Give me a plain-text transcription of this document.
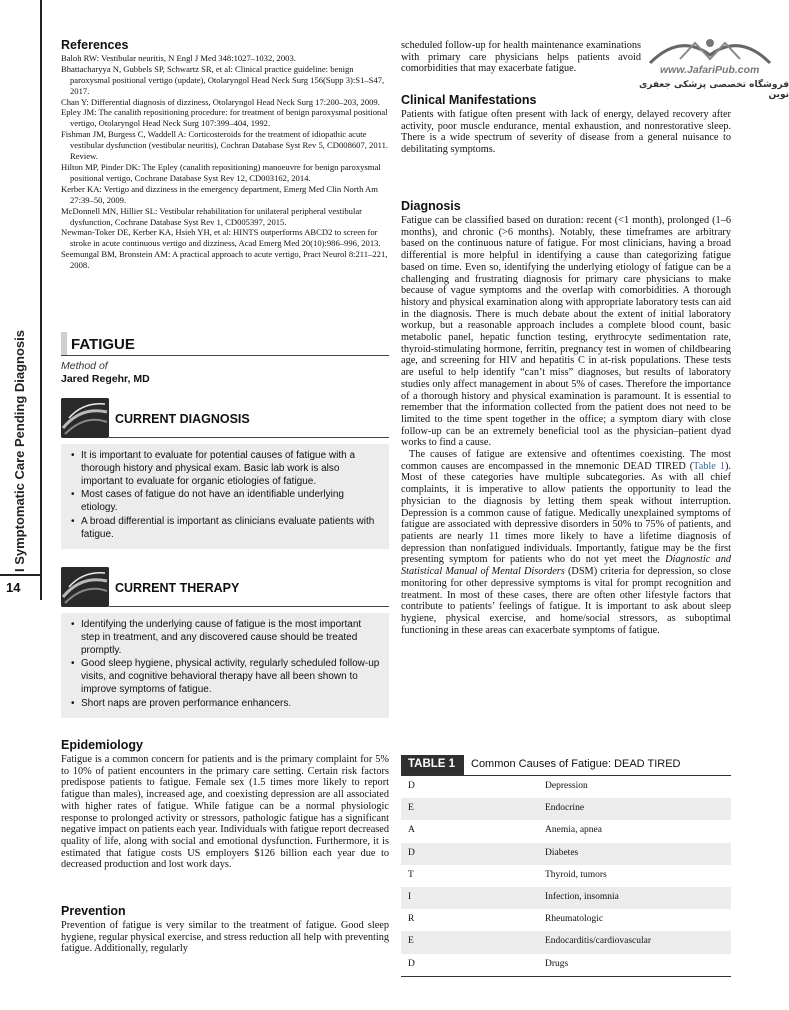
I Symptomatic Care Pending Diagnosis
14
www.JafariPub.com
فروشگاه تخصصی پزشکی جعفری نوین
References
Baloh RW: Vestibular neuritis, N Engl J Med 348:1027–1032, 2003.
Bhattacharyya N, Gubbels SP, Schwartz SR, et al: Clinical practice guideline: benign paroxysmal positional vertigo (update), Otolaryngol Head Neck Surg 156(Supp 3):S1–S47, 2017.
Chan Y: Differential diagnosis of dizziness, Otolaryngol Head Neck Surg 17:200–203, 2009.
Epley JM: The canalith repositioning procedure: for treatment of benign paroxysmal positional vertigo, Otolaryngol Head Neck Surg 107:399–404, 1992.
Fishman JM, Burgess C, Waddell A: Corticosteroids for the treatment of idiopathic acute vestibular dysfunction (vestibular neuritis), Cochran Database Syst Rev 5, CD008607, 2011. Review.
Hilton MP, Pinder DK: The Epley (canalith repositioning) manoeuvre for benign paroxysmal positional vertigo, Cochrane Database Syst Rev 12, CD003162, 2014.
Kerber KA: Vertigo and dizziness in the emergency department, Emerg Med Clin North Am 27:39–50, 2009.
McDonnell MN, Hillier SL: Vestibular rehabilitation for unilateral peripheral vestibular dysfunction, Cochrane Database Syst Rev 1, CD005397, 2015.
Newman-Toker DE, Kerber KA, Hsieh YH, et al: HINTS outperforms ABCD2 to screen for stroke in acute continuous vertigo and dizziness, Acad Emerg Med 20(10):986–996, 2013.
Seemungal BM, Bronstein AM: A practical approach to acute vertigo, Pract Neurol 8:211–221, 2008.
FATIGUE
Method of
Jared Regehr, MD
CURRENT DIAGNOSIS
• It is important to evaluate for potential causes of fatigue with a thorough history and physical exam. Basic lab work is also important to evaluate for organic etiologies of fatigue.
• Most cases of fatigue do not have an identifiable underlying etiology.
• A broad differential is important as clinicians evaluate patients with fatigue.
CURRENT THERAPY
• Identifying the underlying cause of fatigue is the most important step in treatment, and any discovered cause should be treated promptly.
• Good sleep hygiene, physical activity, regularly scheduled follow-up visits, and cognitive behavioral therapy have all been shown to improve symptoms of fatigue.
• Short naps are proven performance enhancers.
Epidemiology

Fatigue is a common concern for patients and is the primary complaint for 5% to 10% of patient encounters in the primary care setting. Certain risk factors predispose patients to fatigue. Female sex (1.5 times more likely to report fatigue than males), increased age, and coexisting depression are all associated with higher rates of fatigue. While fatigue can be a normal physiologic response to prolonged activity or stressors, pathologic fatigue has a significant negative impact on patients each year. Individuals with fatigue report decreased quality of life, along with social and emotional dysfunction. Furthermore, it is estimated that fatigue costs US employers $126 billion each year due to decreased production and lost work days.

Prevention

Prevention of fatigue is very similar to the treatment of fatigue. Good sleep hygiene, regular physical exercise, and stress reduction all help with preventing fatigue. Additionally, regularly

scheduled follow-up for health maintenance examinations with primary care physicians helps patients avoid comorbidities that may exacerbate fatigue.

Clinical Manifestations

Patients with fatigue often present with lack of energy, delayed recovery after activity, poor muscle endurance, mental exhaustion, and nonrestorative sleep. There is a wide spectrum of severity of disease from a general nuisance to debilitating symptoms.

Diagnosis

Fatigue can be classified based on duration: recent (<1 month), prolonged (1–6 months), and chronic (>6 months). Notably, these timeframes are arbitrary based on the continuous nature of fatigue. For most clinicians, having a broad differential is more helpful in identifying a cause than categorizing fatigue based on time. Even so, identifying the underlying etiology of fatigue can be a challenging and frustrating diagnosis for primary care physicians to make because of vague symptoms and the overlap with comorbidities. A thorough history and physical examination along with appropriate laboratory tests can aid in the diagnosis. There is much debate about the extent of initial laboratory workup, but a reasonable approach includes a complete blood count, basic metabolic panel, hepatic function testing, erythrocyte sedimentation rate, thyroid-stimulating hormone, ferritin, pregnancy test in women of childbearing age, and screening for HIV and hepatitis C in at-risk populations. These tests are useful to help identify “can’t miss” diagnoses, but results of laboratory studies only affect management in about 5% of cases. Therefore the importance of a thorough history and physical examination is paramount. It is essential to remember that the information collected from the patient does not need to be limited to the time spent together in the office; a symptom diary with close follow-up can be an extremely beneficial tool as the physician–patient dyad works to find a cause.

The causes of fatigue are extensive and oftentimes coexisting. The most common causes are encompassed in the mnemonic DEAD TIRED (Table 1). Most of these categories have multiple subcategories. As with all chief complaints, it is imperative to allow patients the opportunity to lead the physician to the diagnosis by letting them speak without interruption. Depression is a common cause of fatigue. Medically unexplained symptoms of fatigue are associated with depressive disorders in 50% to 75% of patients, and patients are nearly 11 times more likely to have a lifetime diagnosis of depression than nonfatigued individuals. Importantly, fatigue may be the first presenting symptom for patients who do not yet meet the Diagnostic and Statistical Manual of Mental Disorders (DSM) criteria for depression, so close monitoring for other depressive symptoms is vital for prompt recognition and treatment. In most of these cases, there are often other lifestyle factors that contribute to patients’ feelings of fatigue. It is important to ask about sleep hygiene, physical exercise, and home/social stressors, as suboptimal functioning in these areas can exacerbate symptoms of fatigue.

TABLE 1	Common Causes of Fatigue: DEAD TIRED
D	Depression
E	Endocrine
A	Anemia, apnea
D	Diabetes
T	Thyroid, tumors
I	Infection, insomnia
R	Rheumatologic
E	Endocarditis/cardiovascular
D	Drugs
